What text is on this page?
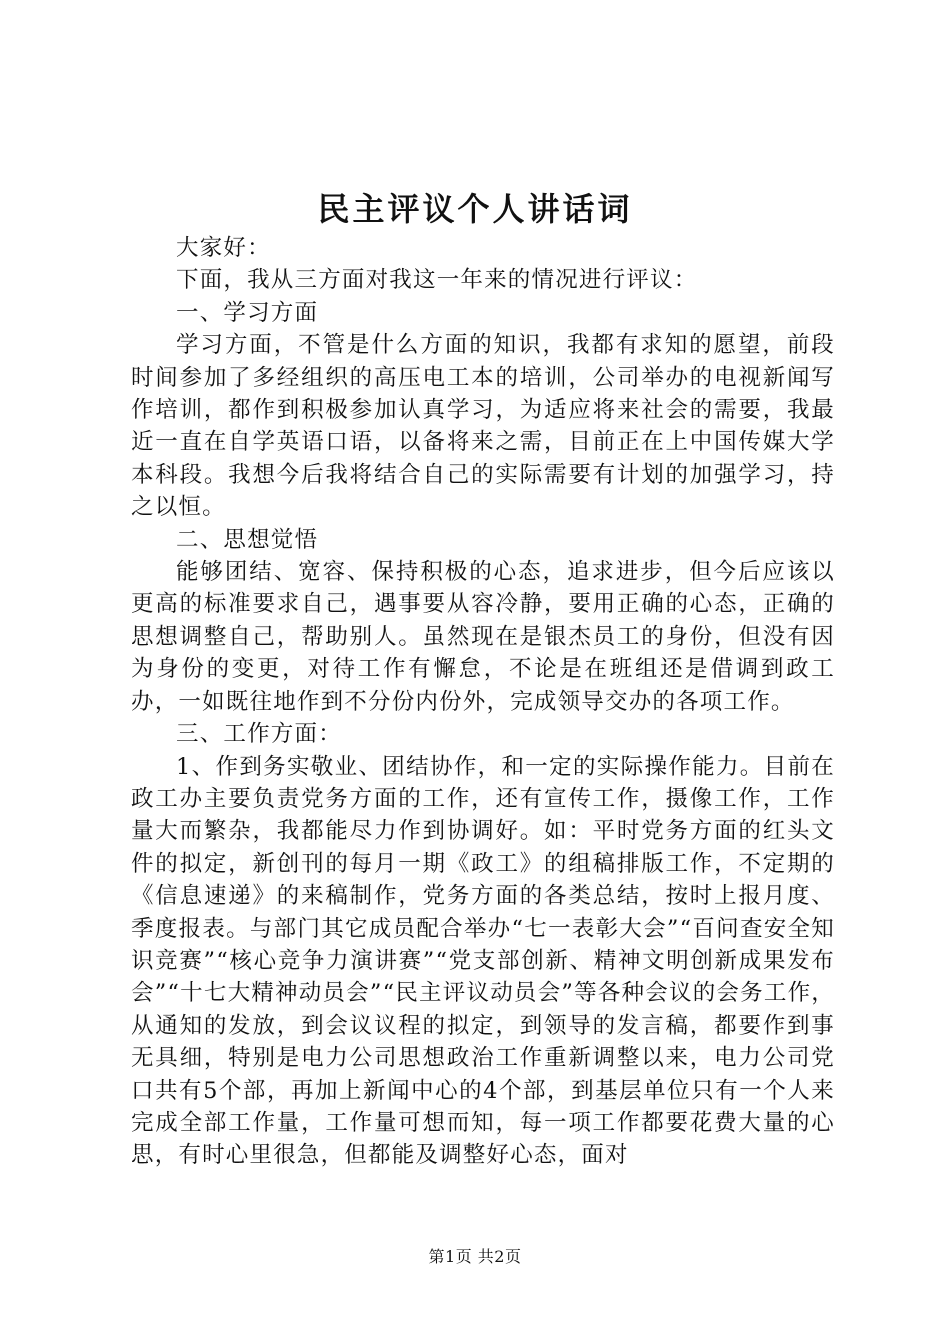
民主评议个人讲话词

大家好：

下面，我从三方面对我这一年来的情况进行评议：

一、学习方面

学习方面，不管是什么方面的知识，我都有求知的愿望，前段时间参加了多经组织的高压电工本的培训，公司举办的电视新闻写作培训，都作到积极参加认真学习，为适应将来社会的需要，我最近一直在自学英语口语，以备将来之需，目前正在上中国传媒大学本科段。我想今后我将结合自己的实际需要有计划的加强学习，持之以恒。

二、思想觉悟

能够团结、宽容、保持积极的心态，追求进步，但今后应该以更高的标准要求自己，遇事要从容冷静，要用正确的心态，正确的思想调整自己，帮助别人。虽然现在是银杰员工的身份，但没有因为身份的变更，对待工作有懈怠，不论是在班组还是借调到政工办，一如既往地作到不分份内份外，完成领导交办的各项工作。

三、工作方面：

1、作到务实敬业、团结协作，和一定的实际操作能力。目前在政工办主要负责党务方面的工作，还有宣传工作，摄像工作，工作量大而繁杂，我都能尽力作到协调好。如：平时党务方面的红头文件的拟定，新创刊的每月一期《政工》的组稿排版工作，不定期的《信息速递》的来稿制作，党务方面的各类总结，按时上报月度、季度报表。与部门其它成员配合举办“七一表彰大会”“百问查安全知识竞赛”“核心竞争力演讲赛”“党支部创新、精神文明创新成果发布会”“十七大精神动员会”“民主评议动员会”等各种会议的会务工作，从通知的发放，到会议议程的拟定，到领导的发言稿，都要作到事无具细，特别是电力公司思想政治工作重新调整以来，电力公司党口共有5个部，再加上新闻中心的4个部，到基层单位只有一个人来完成全部工作量，工作量可想而知，每一项工作都要花费大量的心思，有时心里很急，但都能及调整好心态，面对

第1页 共2页
